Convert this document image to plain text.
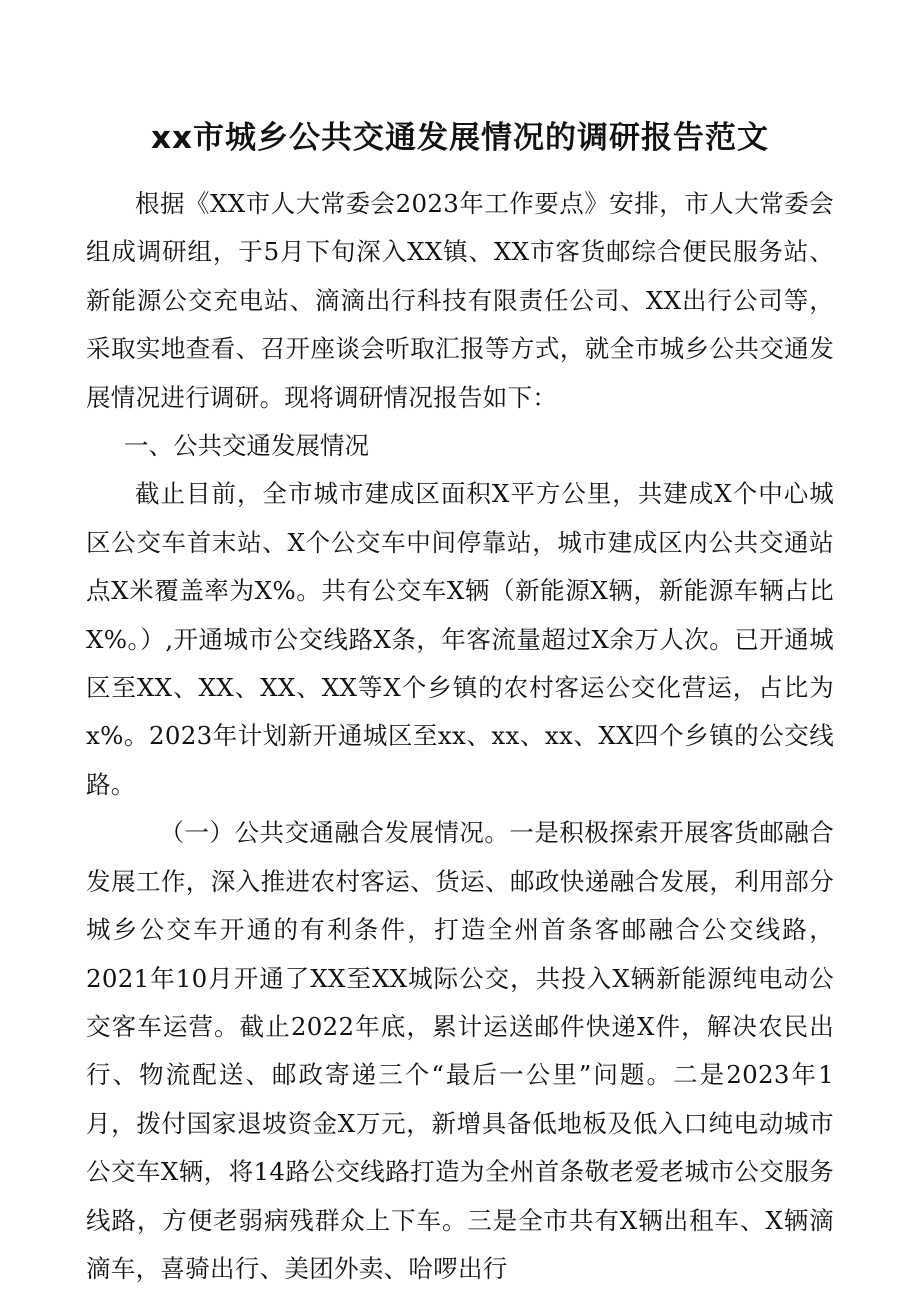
xx市城乡公共交通发展情况的调研报告范文

根据《XX市人大常委会2023年工作要点》安排，市人大常委会组成调研组，于5月下旬深入XX镇、XX市客货邮综合便民服务站、新能源公交充电站、滴滴出行科技有限责任公司、XX出行公司等，采取实地查看、召开座谈会听取汇报等方式，就全市城乡公共交通发展情况进行调研。现将调研情况报告如下：

一、公共交通发展情况

截止目前，全市城市建成区面积X平方公里，共建成X个中心城区公交车首末站、X个公交车中间停靠站，城市建成区内公共交通站点X米覆盖率为X%。共有公交车X辆（新能源X辆，新能源车辆占比X%。）,开通城市公交线路X条，年客流量超过X余万人次。已开通城区至XX、XX、XX、XX等X个乡镇的农村客运公交化营运，占比为x%。2023年计划新开通城区至xx、xx、xx、XX四个乡镇的公交线路。

（一）公共交通融合发展情况。一是积极探索开展客货邮融合发展工作，深入推进农村客运、货运、邮政快递融合发展，利用部分城乡公交车开通的有利条件，打造全州首条客邮融合公交线路，2021年10月开通了XX至XX城际公交，共投入X辆新能源纯电动公交客车运营。截止2022年底，累计运送邮件快递X件，解决农民出行、物流配送、邮政寄递三个“最后一公里”问题。二是2023年1月，拨付国家退坡资金X万元，新增具备低地板及低入口纯电动城市公交车X辆，将14路公交线路打造为全州首条敬老爱老城市公交服务线路，方便老弱病残群众上下车。三是全市共有X辆出租车、X辆滴滴车，喜骑出行、美团外卖、哈啰出行
